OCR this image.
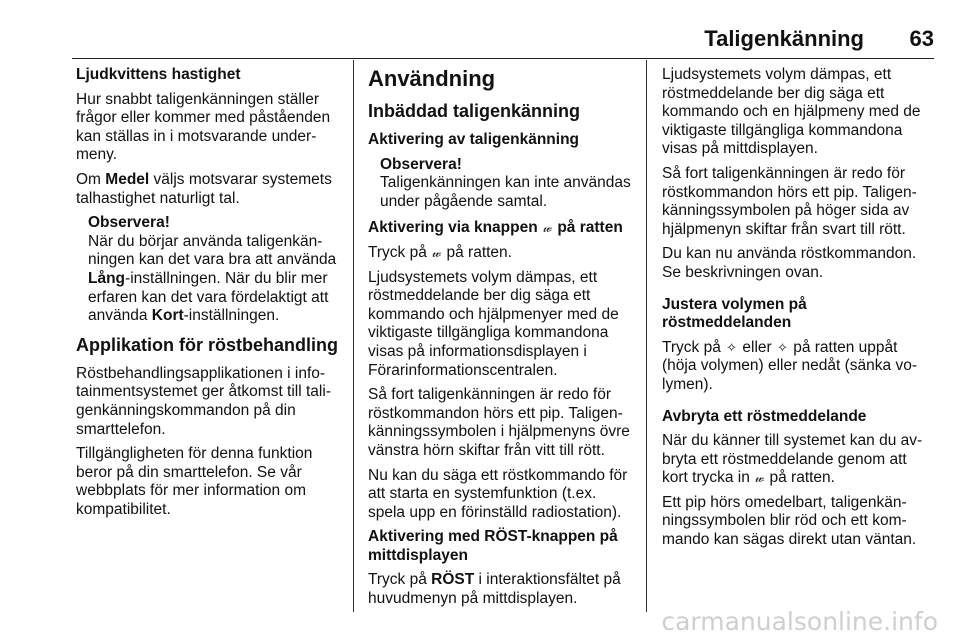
Taligenkänning 63

Ljudkvittens hastighet

Hur snabbt taligenkänningen ställer frågor eller kommer med påståenden kan ställas in i motsvarande undermeny.

Om Medel väljs motsvarar systemets talhastighet naturligt tal.

Observera!
När du börjar använda taligenkänningen kan det vara bra att använda Lång-inställningen. När du blir mer erfaren kan det vara fördelaktigt att använda Kort-inställningen.
Applikation för röstbehandling

Röstbehandlingsapplikationen i infotainmentsystemet ger åtkomst till taligenkänningskommandon på din smarttelefon.

Tillgängligheten för denna funktion beror på din smarttelefon. Se vår webbplats för mer information om kompatibilitet.

Användning
Inbäddad taligenkänning

Aktivering av taligenkänning

Observera!
Taligenkänningen kan inte användas under pågående samtal.

Aktivering via knappen 𝓌 på ratten

Tryck på 𝓌 på ratten.

Ljudsystemets volym dämpas, ett röstmeddelande ber dig säga ett kommando och hjälpmenyer med de viktigaste tillgängliga kommandona visas på informationsdisplayen i Förarinformationscentralen.

Så fort taligenkänningen är redo för röstkommandon hörs ett pip. Taligenkänningssymbolen i hjälpmenyns övre vänstra hörn skiftar från vitt till rött.

Nu kan du säga ett röstkommando för att starta en systemfunktion (t.ex. spela upp en förinställd radiostation).

Aktivering med RÖST-knappen på mittdisplayen

Tryck på RÖST i interaktionsfältet på huvudmenyn på mittdisplayen.

Ljudsystemets volym dämpas, ett röstmeddelande ber dig säga ett kommando och en hjälpmeny med de viktigaste tillgängliga kommandona visas på mittdisplayen.

Så fort taligenkänningen är redo för röstkommandon hörs ett pip. Taligenkänningssymbolen på höger sida av hjälpmenyn skiftar från svart till rött.

Du kan nu använda röstkommandon. Se beskrivningen ovan.

Justera volymen på röstmeddelanden

Tryck på ✧ eller ✧ på ratten uppåt (höja volymen) eller nedåt (sänka volymen).

Avbryta ett röstmeddelande

När du känner till systemet kan du avbryta ett röstmeddelande genom att kort trycka in 𝓌 på ratten.

Ett pip hörs omedelbart, taligenkänningssymbolen blir röd och ett kommando kan sägas direkt utan väntan.

carmanualsonline.info
